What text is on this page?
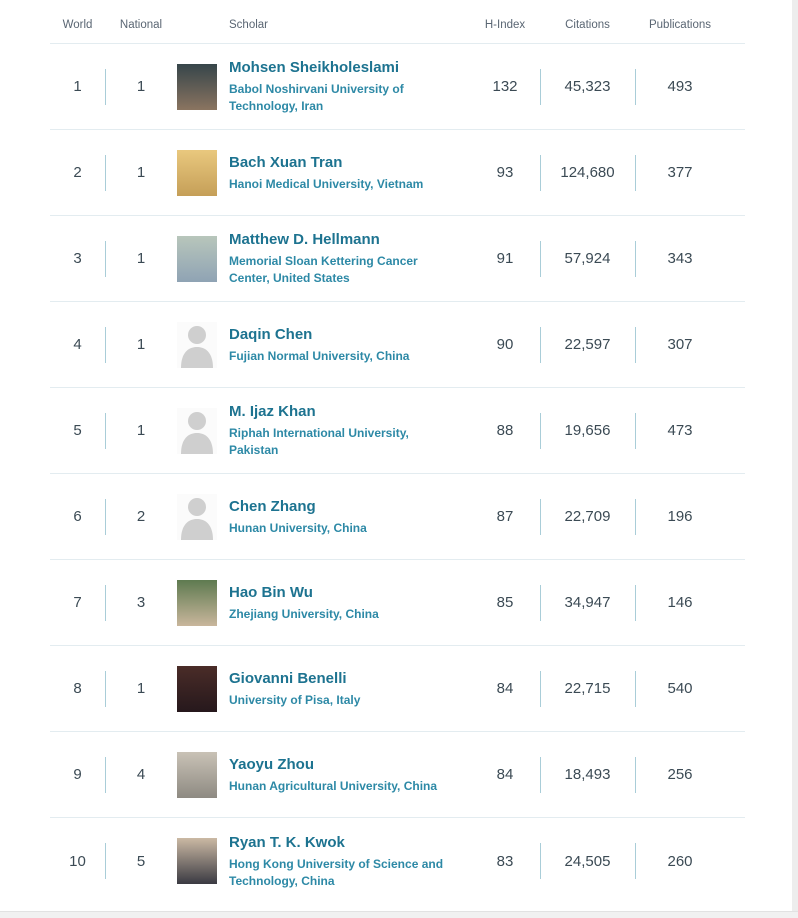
World	National	Scholar	H-Index	Citations	Publications
1	1
Mohsen Sheikholeslami
Babol Noshirvani University of Technology, Iran
132	45,323	493
2	1
Bach Xuan Tran
Hanoi Medical University, Vietnam
93	124,680	377
3	1
Matthew D. Hellmann
Memorial Sloan Kettering Cancer Center, United States
91	57,924	343
4	1
Daqin Chen
Fujian Normal University, China
90	22,597	307
5	1
M. Ijaz Khan
Riphah International University, Pakistan
88	19,656	473
6	2
Chen Zhang
Hunan University, China
87	22,709	196
7	3
Hao Bin Wu
Zhejiang University, China
85	34,947	146
8	1
Giovanni Benelli
University of Pisa, Italy
84	22,715	540
9	4
Yaoyu Zhou
Hunan Agricultural University, China
84	18,493	256
10	5
Ryan T. K. Kwok
Hong Kong University of Science and Technology, China
83	24,505	260
